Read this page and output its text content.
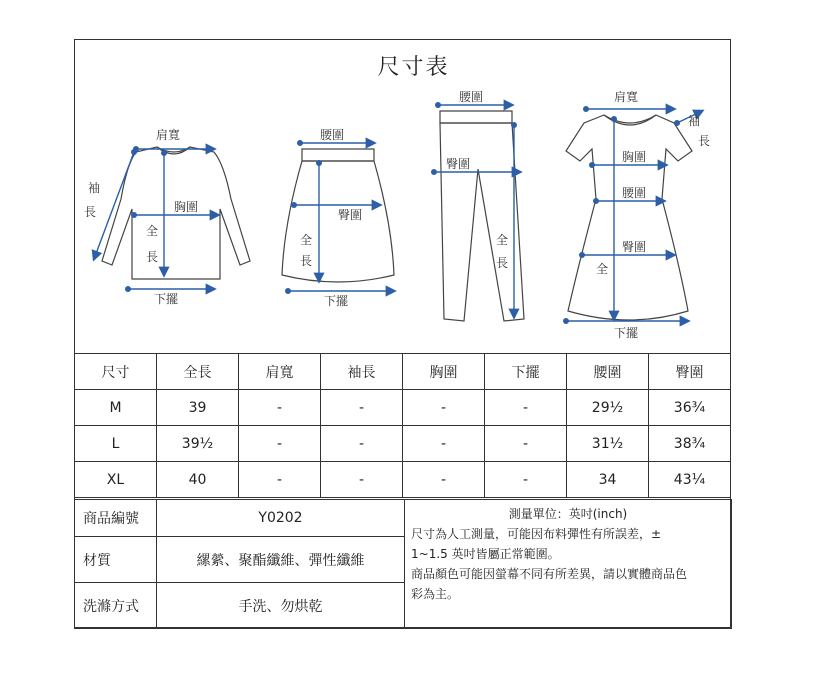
尺寸表
肩寬
袖
長	胸圍
全
長
下擺
腰圍
臀圍
全
長
下擺
腰圍
臀圍
全
長
肩寬
袖
長
胸圍
腰圍
臀圍
全
下擺
尺寸	全長	肩寬	袖長	胸圍	下擺	腰圍	臀圍
M	39	-	-	-	-	29½	36¾
L	39½	-	-	-	-	31½	38¾
XL	40	-	-	-	-	34	43¼
商品編號	Y0202	測量單位：英吋(inch)
尺寸為人工測量，可能因布料彈性有所誤差，±
1~1.5 英吋皆屬正常範圍。
商品顏色可能因螢幕不同有所差異，請以實體商品色
彩為主。

材質	縲縈、聚酯纖維、彈性纖維	
洗滌方式	手洗、勿烘乾	
